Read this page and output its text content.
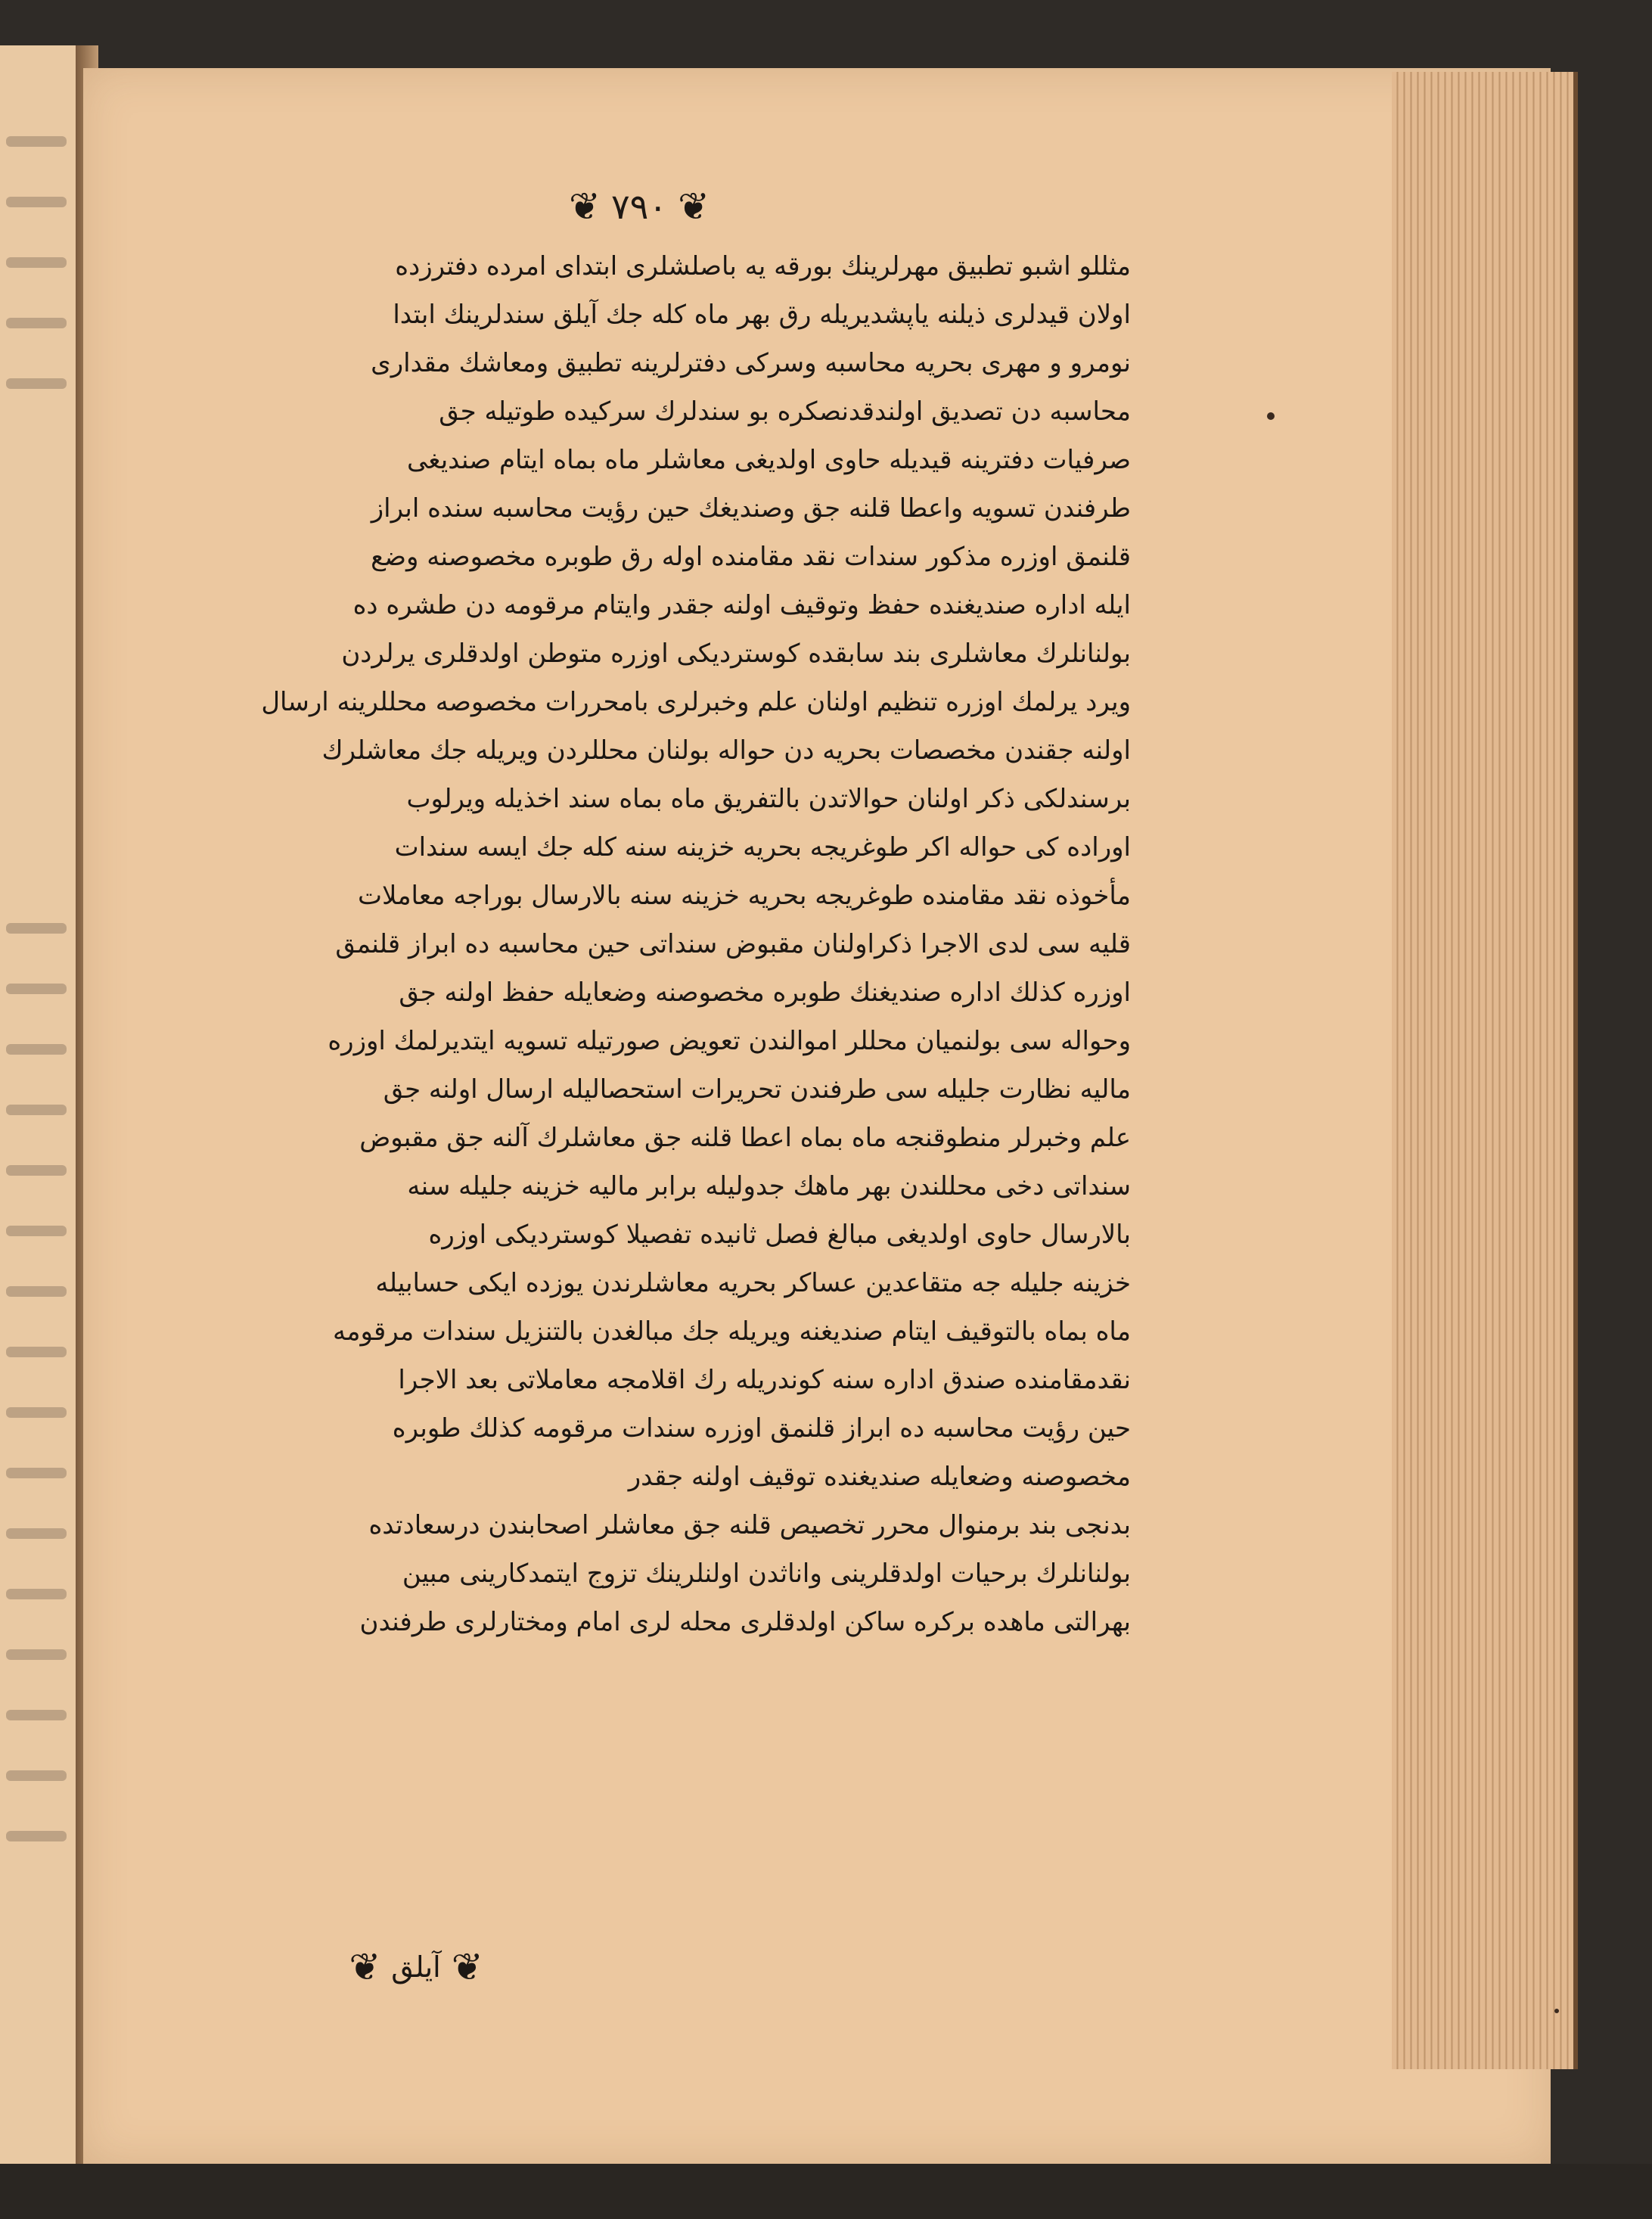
❦
۷۹۰
❦
مثللو اشبو تطبیق مهرلرینك بورقه یه باصلشلری ابتدای امرده دفترزده
اولان قیدلری ذیلنه یاپشدیریله رق بهر ماه کله جك آیلق سندلرینك ابتدا
نومرو و مهری بحریه محاسبه وسرکی دفترلرینه تطبیق ومعاشك مقداری
محاسبه دن تصدیق اولندقدنصکره بو سندلرك سرکیده طوتیله جق
صرفیات دفترینه قیدیله حاوی اولدیغی معاشلر ماه بماه ایتام صندیغی
طرفندن تسویه واعطا قلنه جق وصندیغك حین رؤیت محاسبه سنده ابراز
قلنمق اوزره مذکور سندات نقد مقامنده اوله رق طوبره مخصوصنه وضع
ایله اداره صندیغنده حفظ وتوقیف اولنه جقدر وایتام مرقومه دن طشره ده
بولنانلرك معاشلری بند سابقده کوستردیکی اوزره متوطن اولدقلری یرلردن
ویرد یرلمك اوزره تنظیم اولنان علم وخبرلری بامحررات مخصوصه محللرینه ارسال
اولنه جقندن مخصصات بحریه دن حواله بولنان محللردن ویریله جك معاشلرك
برسندلکی ذکر اولنان حوالاتدن بالتفریق ماه بماه سند اخذیله ویرلوب
اوراده کی حواله اکر طوغریجه بحریه خزینه سنه کله جك ایسه سندات
مأخوذه نقد مقامنده طوغریجه بحریه خزینه سنه بالارسال بوراجه معاملات
قلیه سی لدی الاجرا ذکراولنان مقبوض سنداتی حین محاسبه ده ابراز قلنمق
اوزره کذلك اداره صندیغنك طوبره مخصوصنه وضعایله حفظ اولنه جق
وحواله سی بولنمیان محللر اموالندن تعویض صورتیله تسویه ایتدیرلمك اوزره
مالیه نظارت جلیله سی طرفندن تحریرات استحصالیله ارسال اولنه جق
علم وخبرلر منطوقنجه ماه بماه اعطا قلنه جق معاشلرك آلنه جق مقبوض
سنداتی دخی محللندن بهر ماهك جدولیله برابر مالیه خزینه جلیله سنه
بالارسال حاوی اولدیغی مبالغ فصل ثانیده تفصیلا کوستردیکی اوزره
خزینه جلیله جه متقاعدین عساکر بحریه معاشلرندن یوزده ایکی حسابیله
ماه بماه بالتوقیف ایتام صندیغنه ویریله جك مبالغدن بالتنزیل سندات مرقومه
نقدمقامنده صندق اداره سنه کوندریله رك اقلامجه معاملاتی بعد الاجرا
حین رؤیت محاسبه ده ابراز قلنمق اوزره سندات مرقومه کذلك طوبره
مخصوصنه وضعایله صندیغنده توقیف اولنه جقدر
بدنجی بند برمنوال محرر تخصیص قلنه جق معاشلر اصحابندن درسعادتده
بولنانلرك برحیات اولدقلرینی واناثدن اولنلرینك تزوج ایتمدکارینی مبین
بهرالتی ماهده برکره ساکن اولدقلری محله لری امام ومختارلری طرفندن
❦
آیلق
❦
